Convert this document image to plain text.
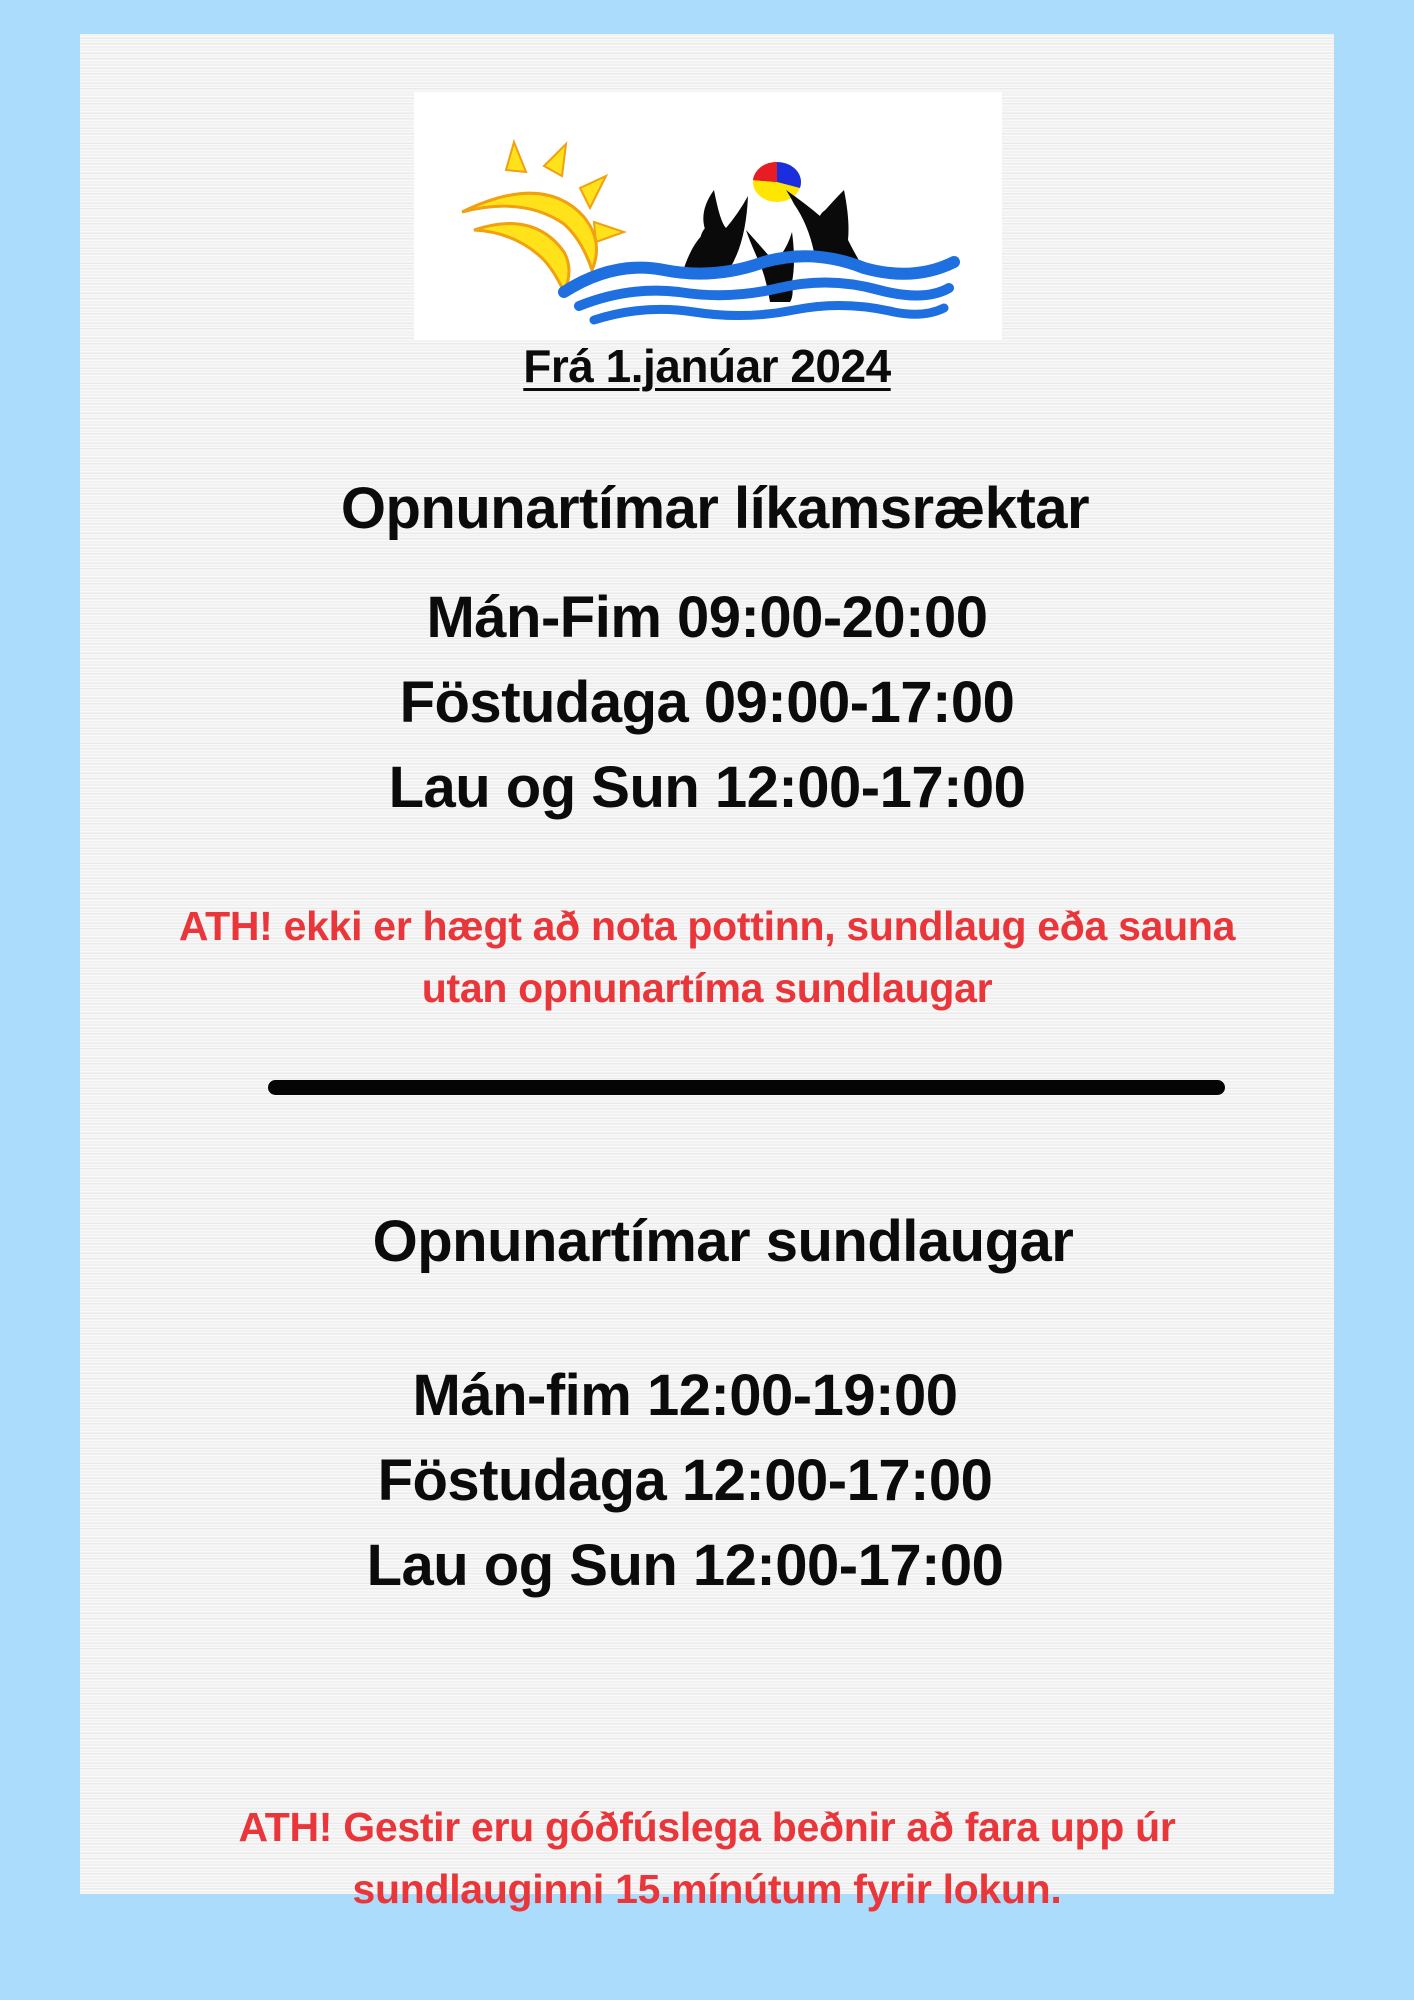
Frá 1.janúar 2024
Opnunartímar líkamsræktar
Mán-Fim 09:00-20:00
Föstudaga 09:00-17:00
Lau og Sun 12:00-17:00
ATH! ekki er hægt að nota pottinn, sundlaug eða sauna
utan opnunartíma sundlaugar
Opnunartímar sundlaugar
Mán-fim 12:00-19:00
Föstudaga 12:00-17:00
Lau og Sun 12:00-17:00
ATH! Gestir eru góðfúslega beðnir að fara upp úr
sundlauginni 15.mínútum fyrir lokun.
